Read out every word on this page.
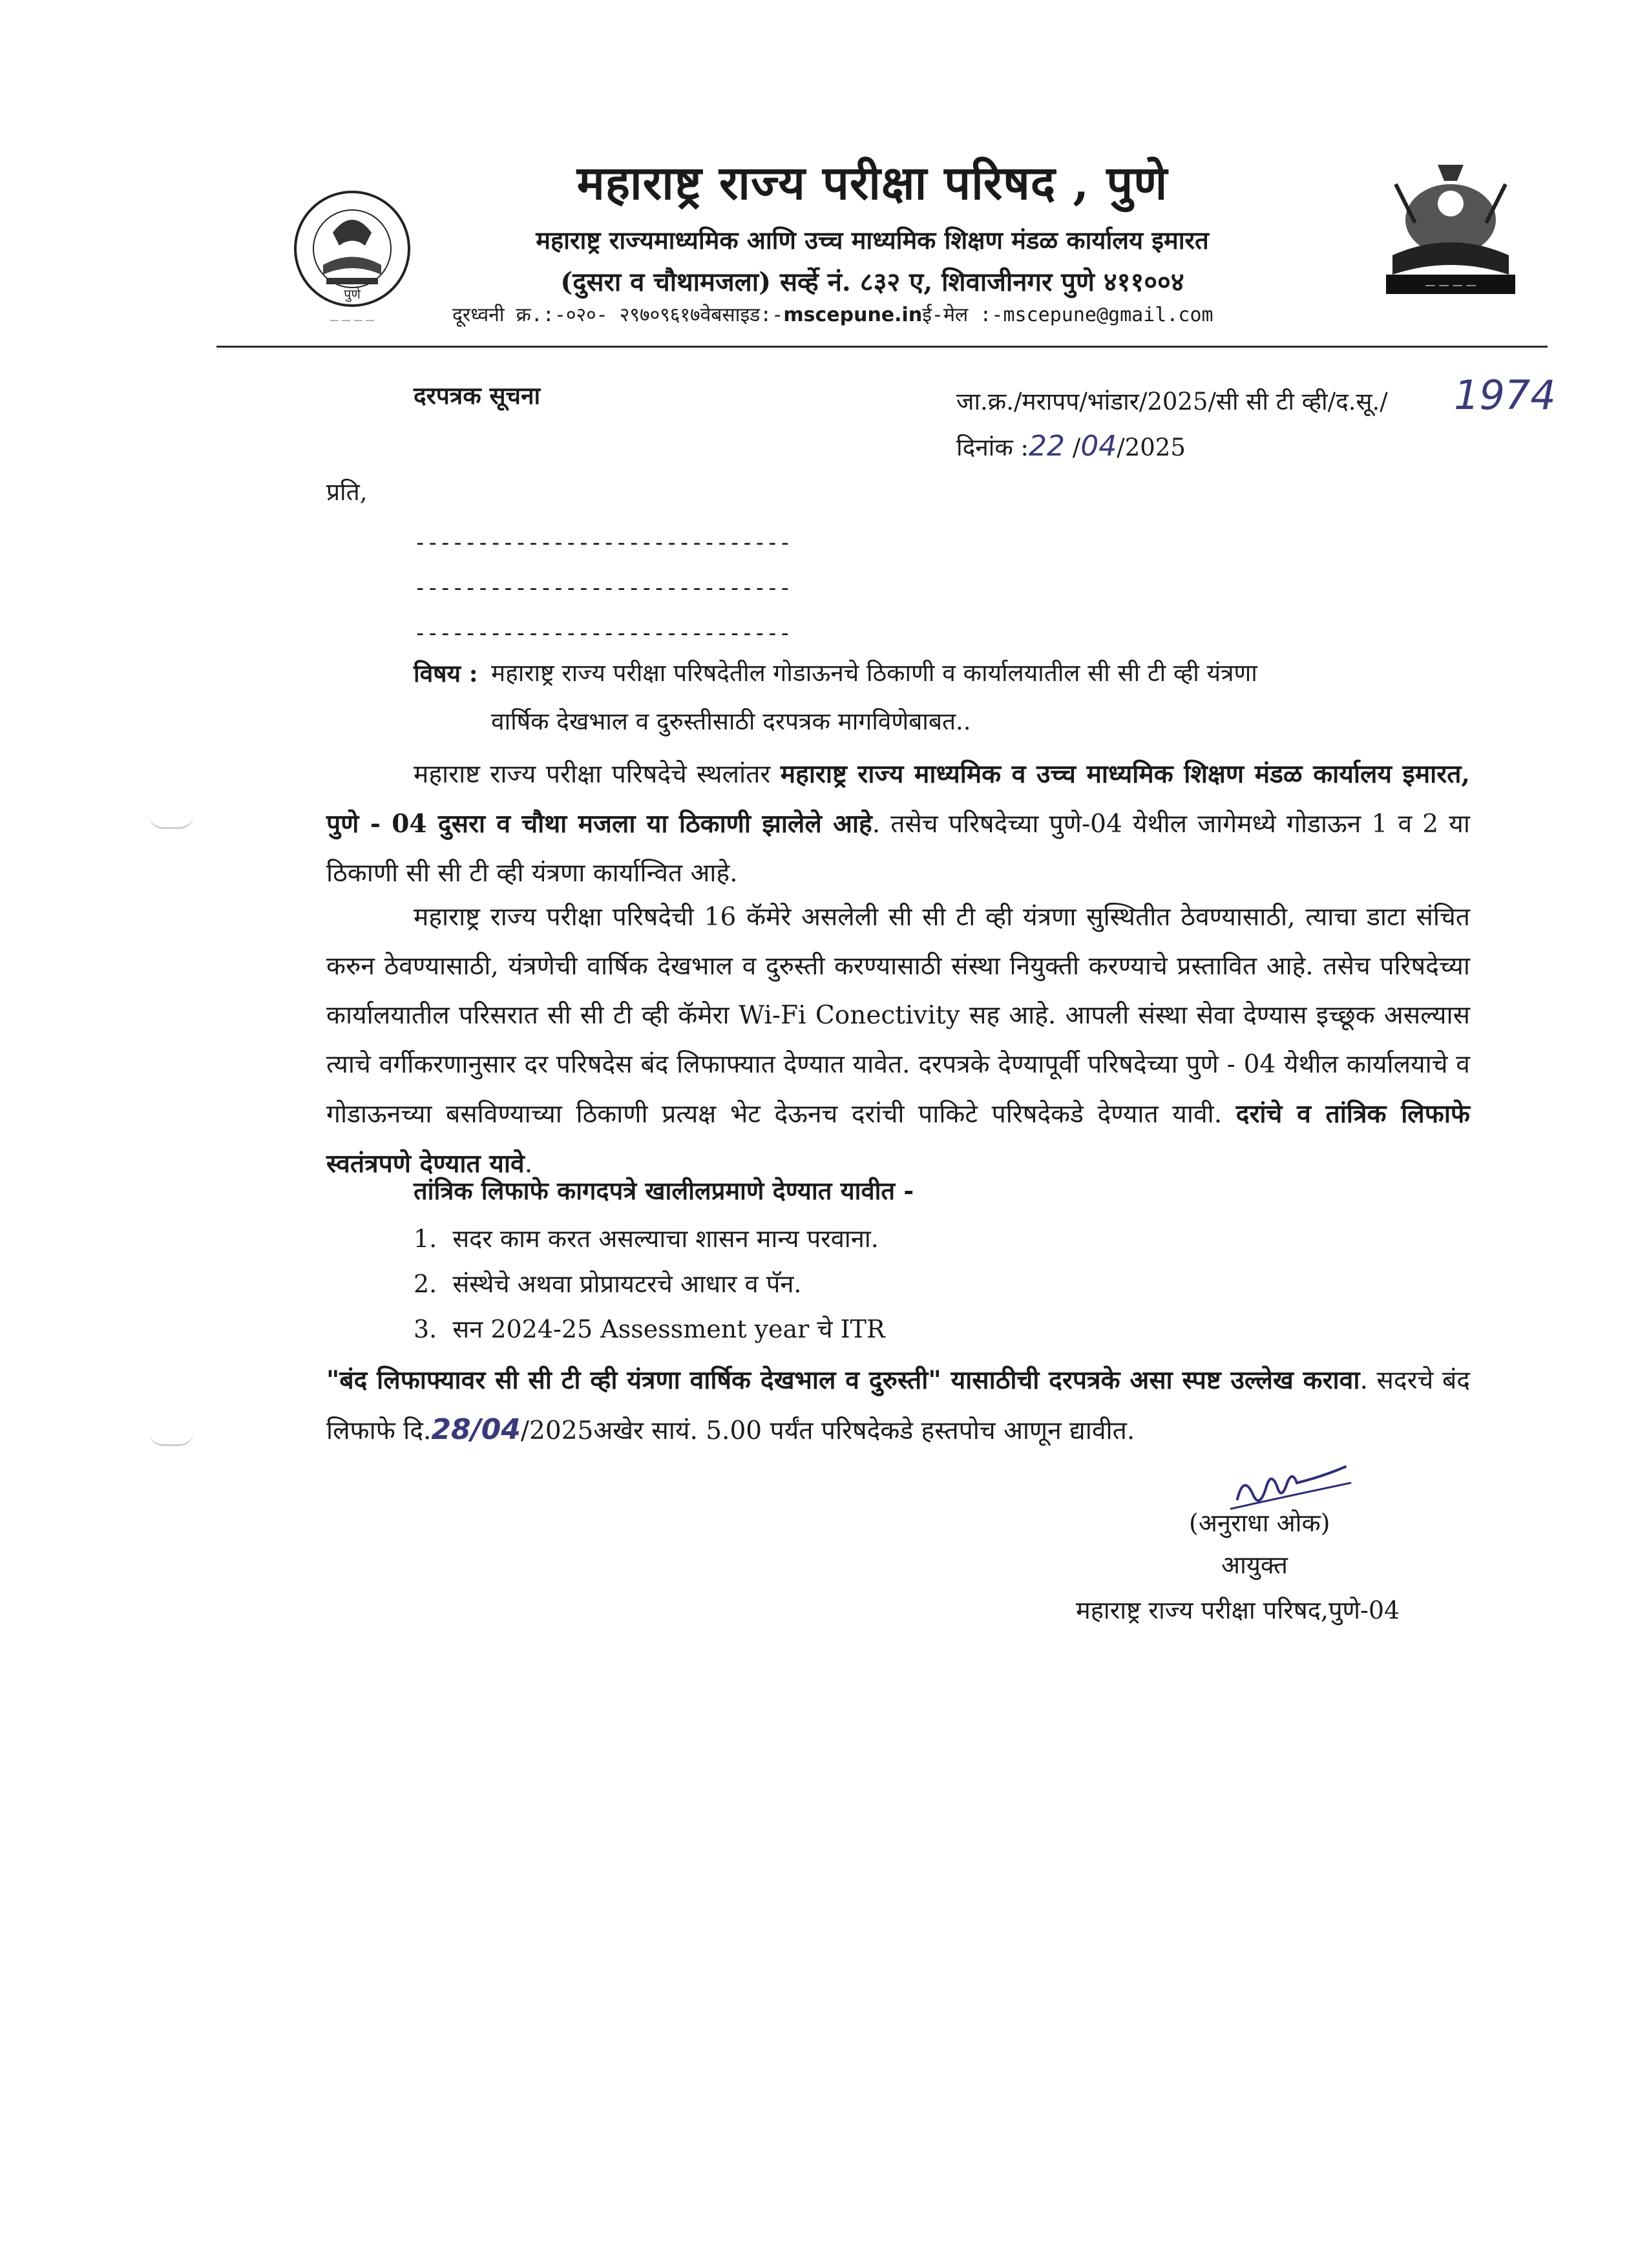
पुणे
— — — —
महाराष्ट्र राज्य परीक्षा परिषद , पुणे
महाराष्ट्र राज्यमाध्यमिक आणि उच्च माध्यमिक शिक्षण मंडळ कार्यालय इमारत
(दुसरा व चौथामजला) सर्व्हे नं. ८३२ ए, शिवाजीनगर पुणे ४११००४
दूरध्वनी क्र.:-०२०- २९७०९६१७वेबसाइड:-mscepune.inई-मेल :-mscepune@gmail.com
— — — —
दरपत्रक सूचना	जा.क्र./मरापप/भांडार/2025/सी सी टी व्ही/द.सू./ 1974
दिनांक :22 /04/2025
प्रति,
------------------------------
------------------------------
------------------------------
विषय : महाराष्ट्र राज्य परीक्षा परिषदेतील गोडाऊनचे ठिकाणी व कार्यालयातील सी सी टी व्ही यंत्रणा
वार्षिक देखभाल व दुरुस्तीसाठी दरपत्रक मागविणेबाबत..
महाराष्ट राज्य परीक्षा परिषदेचे स्थलांतर महाराष्ट्र राज्य माध्यमिक व उच्च माध्यमिक शिक्षण मंडळ कार्यालय इमारत, पुणे - 04 दुसरा व चौथा मजला या ठिकाणी झालेले आहे. तसेच परिषदेच्या पुणे-04 येथील जागेमध्ये गोडाऊन 1 व 2 या ठिकाणी सी सी टी व्ही यंत्रणा कार्यान्वित आहे.
महाराष्ट्र राज्य परीक्षा परिषदेची 16 कॅमेरे असलेली सी सी टी व्ही यंत्रणा सुस्थितीत ठेवण्यासाठी, त्याचा डाटा संचित करुन ठेवण्यासाठी, यंत्रणेची वार्षिक देखभाल व दुरुस्ती करण्यासाठी संस्था नियुक्ती करण्याचे प्रस्तावित आहे. तसेच परिषदेच्या कार्यालयातील परिसरात सी सी टी व्ही कॅमेरा Wi-Fi Conectivity सह आहे. आपली संस्था सेवा देण्यास इच्छूक असल्यास त्याचे वर्गीकरणानुसार दर परिषदेस बंद लिफाफ्यात देण्यात यावेत. दरपत्रके देण्यापूर्वी परिषदेच्या पुणे - 04 येथील कार्यालयाचे व गोडाऊनच्या बसविण्याच्या ठिकाणी प्रत्यक्ष भेट देऊनच दरांची पाकिटे परिषदेकडे देण्यात यावी. दरांचे व तांत्रिक लिफाफे स्वतंत्रपणे देण्यात यावे.
तांत्रिक लिफाफे कागदपत्रे खालीलप्रमाणे देण्यात यावीत -
1. सदर काम करत असल्याचा शासन मान्य परवाना.
2. संस्थेचे अथवा प्रोप्रायटरचे आधार व पॅन.
3. सन 2024-25 Assessment year चे ITR
"बंद लिफाफ्यावर सी सी टी व्ही यंत्रणा वार्षिक देखभाल व दुरुस्ती" यासाठीची दरपत्रके असा स्पष्ट उल्लेख करावा. सदरचे बंद लिफाफे दि.28/04/2025अखेर सायं. 5.00 पर्यंत परिषदेकडे हस्तपोच आणून द्यावीत.
(अनुराधा ओक)
आयुक्त
महाराष्ट्र राज्य परीक्षा परिषद,पुणे-04
